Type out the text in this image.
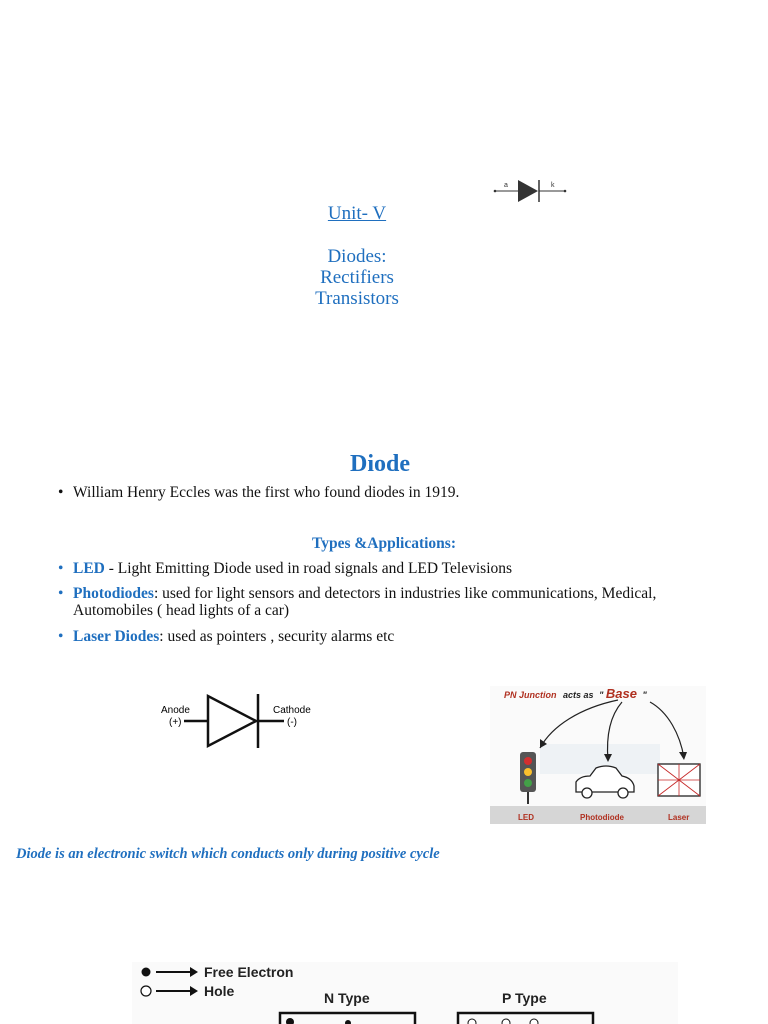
Unit- V
Diodes:
Rectifiers
Transistors
a	k
Diode
• William Henry Eccles was the first who found diodes in 1919.
Types &Applications:
• LED - Light Emitting Diode used in road signals and LED Televisions
• Photodiodes: used for light sensors and detectors in industries like communications, Medical, Automobiles ( head lights of a car)
• Laser Diodes: used as pointers , security alarms etc
Anode
(+)
Cathode
(-)
PN Junction acts as " Base "
LED	Photodiode	Laser
Diode is an electronic switch which conducts only during positive cycle
Free Electron
Hole	N Type	P Type
